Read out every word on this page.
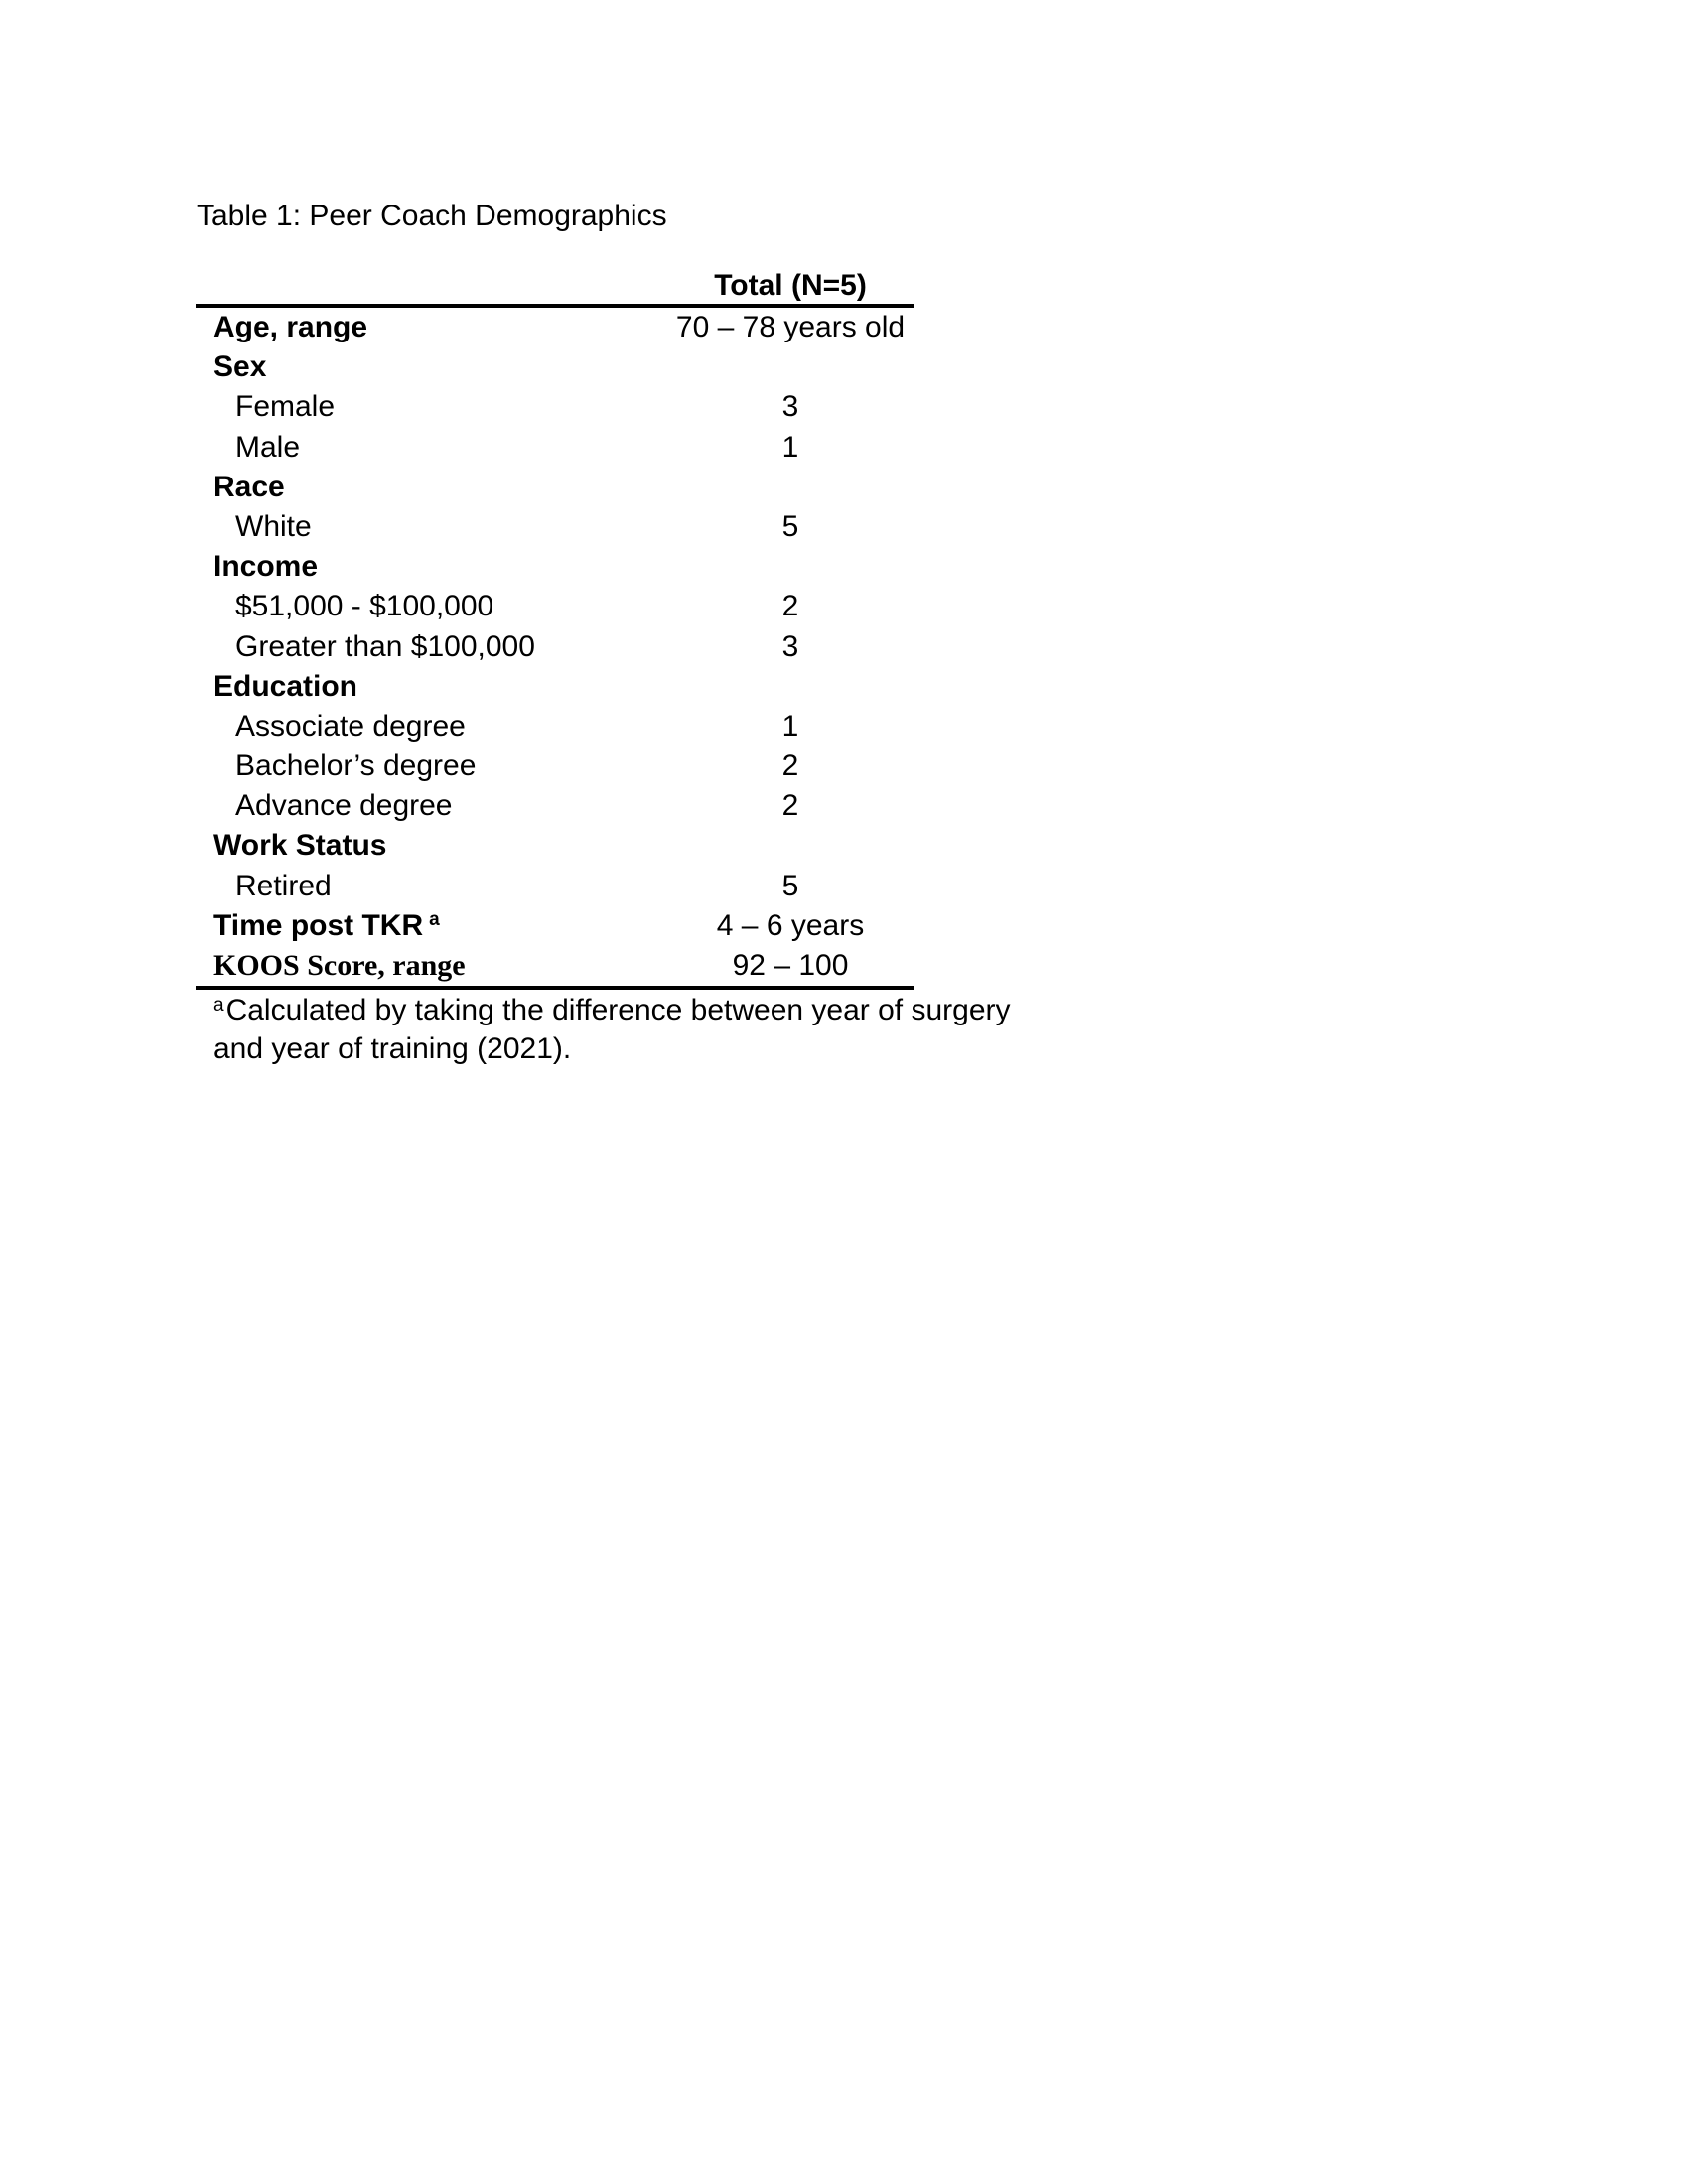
Table 1: Peer Coach Demographics
Total (N=5)
Age, range	70 – 78 years old
Sex
Female	3
Male	1
Race
White	5
Income
$51,000 - $100,000	2
Greater than $100,000	3
Education
Associate degree	1
Bachelor’s degree	2
Advance degree	2
Work Status
Retired	5
Time post TKR a	4 – 6 years
KOOS Score, range	92 – 100
aCalculated by taking the difference between year of surgery
and year of training (2021).
